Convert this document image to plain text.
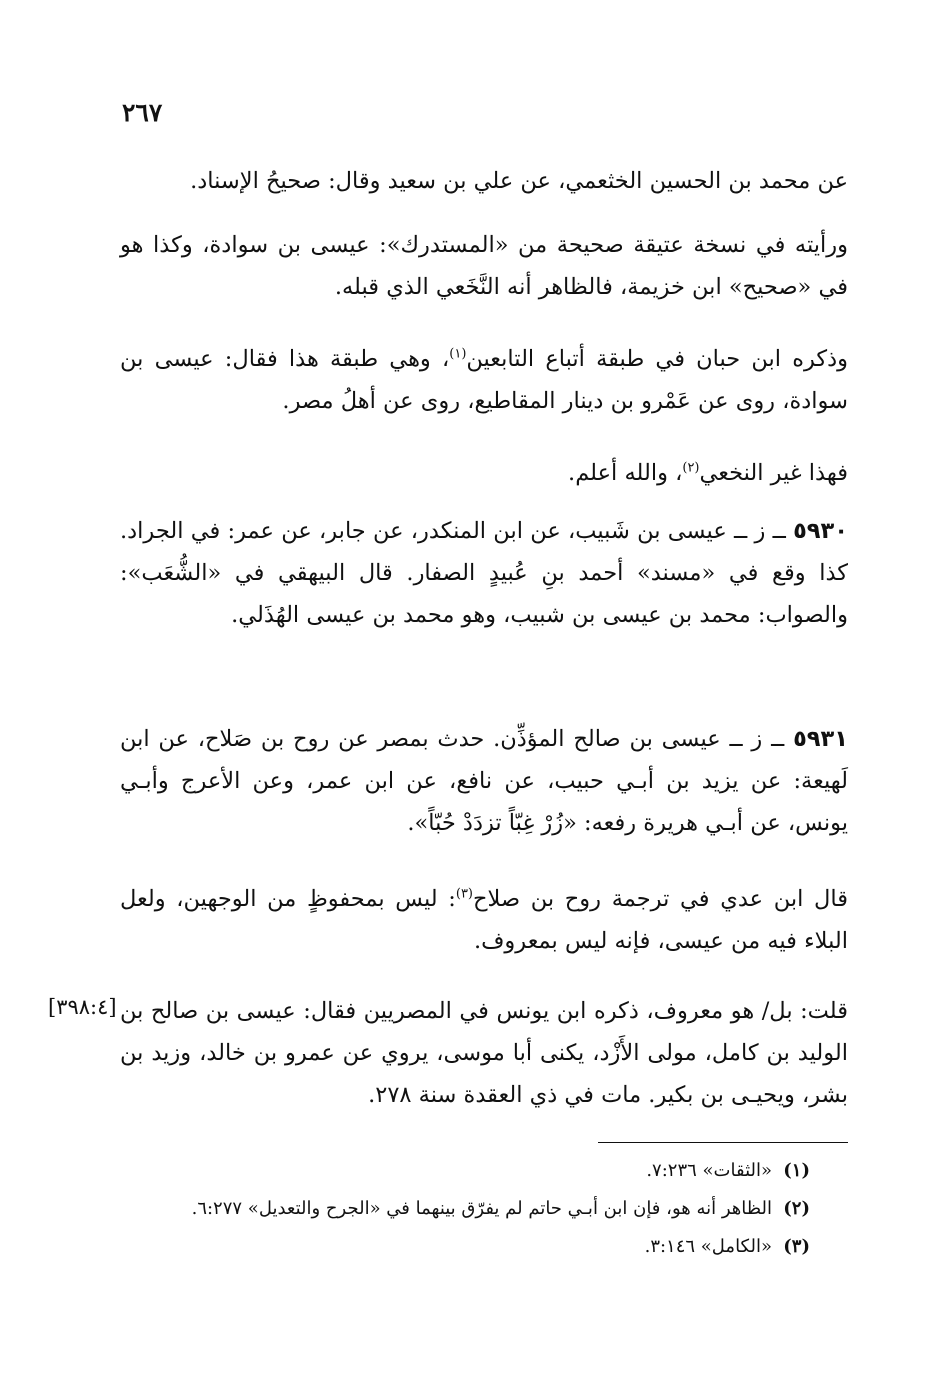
٢٦٧

عن محمد بن الحسين الخثعمي، عن علي بن سعيد وقال: صحيحُ الإسناد.

ورأيته في نسخة عتيقة صحيحة من «المستدرك»: عيسى بن سوادة، وكذا هو في «صحيح» ابن خزيمة، فالظاهر أنه النَّخَعي الذي قبله.

وذكره ابن حبان في طبقة أتباع التابعين$^{(١)}$، وهي طبقة هذا فقال: عيسى بن سوادة، روى عن عَمْرو بن دينار المقاطيع، روى عن أهلُ مصر.

فهذا غير النخعي$^{(٢)}$، والله أعلم.

٥٩٣٠ ــ ز ــ عيسى بن شَبيب، عن ابن المنكدر، عن جابر، عن عمر: في الجراد. كذا وقع في «مسند» أحمد بنِ عُبيدٍ الصفار. قال البيهقي في «الشُّعَب»: والصواب: محمد بن عيسى بن شبيب، وهو محمد بن عيسى الهُذَلي.

٥٩٣١ ــ ز ــ عيسى بن صالح المؤذِّن. حدث بمصر عن روح بن صَلاح، عن ابن لَهيعة: عن يزيد بن أبـي حبيب، عن نافع، عن ابن عمر، وعن الأعرج وأبـي يونس، عن أبـي هريرة رفعه: «زُرْ غِبّاً تزدَدْ حُبّاً».

قال ابن عدي في ترجمة روح بن صلاح$^{(٣)}$: ليس بمحفوظٍ من الوجهين، ولعل البلاء فيه من عيسى، فإنه ليس بمعروف.

قلت: بل/ هو معروف، ذكره ابن يونس في المصريين فقال: عيسى بن صالح بن الوليد بن كامل، مولى الأَزْد، يكنى أبا موسى، يروي عن عمرو بن خالد، وزيد بن بشر، ويحيـى بن بكير. مات في ذي العقدة سنة ٢٧٨.

[٣٩٨:٤]
(١)«الثقات» ٧:٢٣٦.
(٢)الظاهر أنه هو، فإن ابن أبـي حاتم لم يفرّق بينهما في «الجرح والتعديل» ٦:٢٧٧.
(٣)«الكامل» ٣:١٤٦.
